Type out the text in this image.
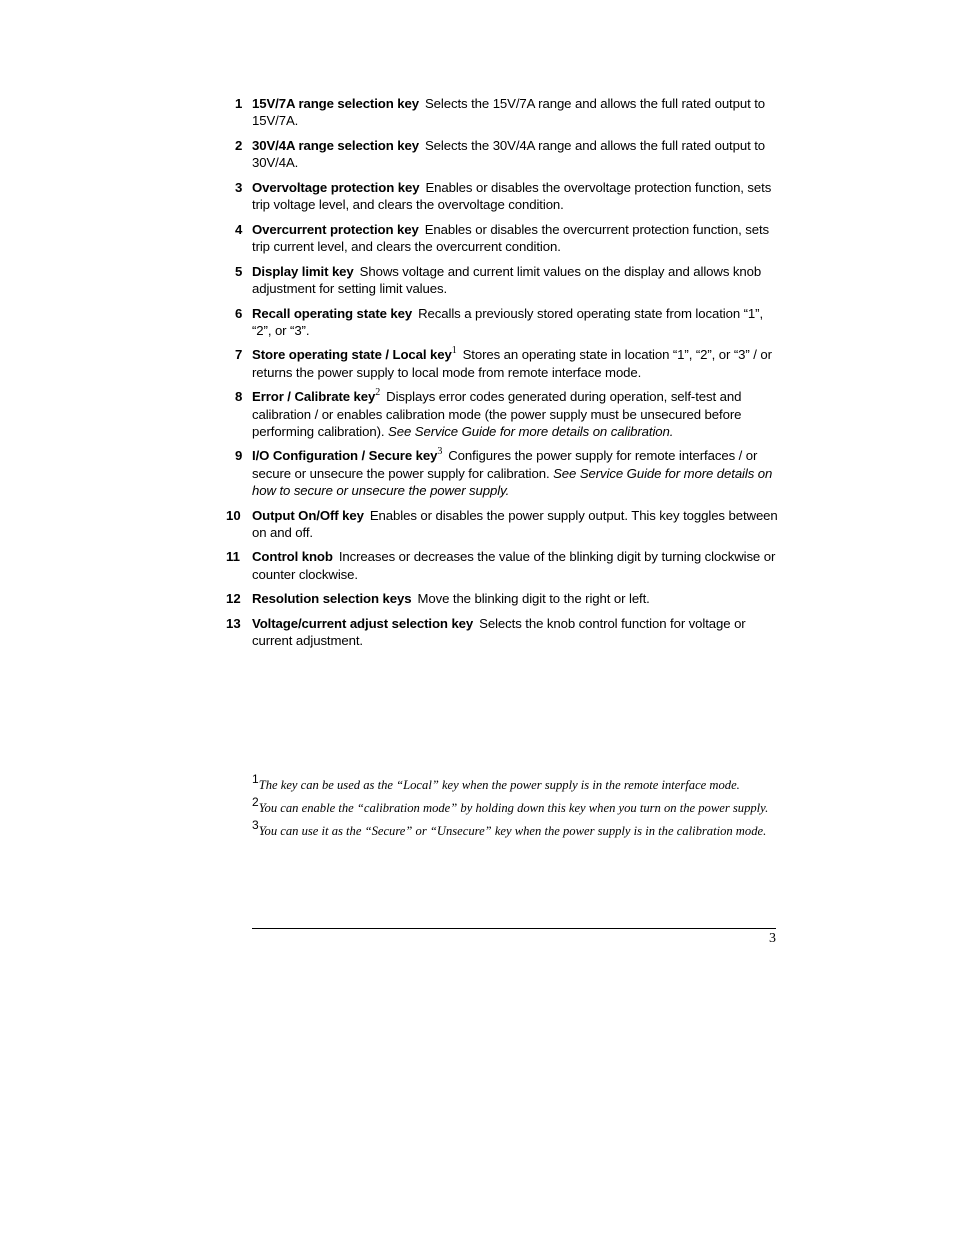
1 15V/7A range selection key Selects the 15V/7A range and allows the full rated output to 15V/7A.
2 30V/4A range selection key Selects the 30V/4A range and allows the full rated output to 30V/4A.
3 Overvoltage protection key Enables or disables the overvoltage protection function, sets trip voltage level, and clears the overvoltage condition.
4 Overcurrent protection key Enables or disables the overcurrent protection function, sets trip current level, and clears the overcurrent condition.
5 Display limit key Shows voltage and current limit values on the display and allows knob adjustment for setting limit values.
6 Recall operating state key Recalls a previously stored operating state from location “1”, “2”, or “3”.
7 Store operating state / Local key$^1$ Stores an operating state in location “1”, “2”, or “3” / or returns the power supply to local mode from remote interface mode.
8 Error / Calibrate key$^2$ Displays error codes generated during operation, self-test and calibration / or enables calibration mode (the power supply must be unsecured before performing calibration). See Service Guide for more details on calibration.
9 I/O Configuration / Secure key$^3$ Configures the power supply for remote interfaces / or secure or unsecure the power supply for calibration. See Service Guide for more details on how to secure or unsecure the power supply.
10 Output On/Off key Enables or disables the power supply output. This key toggles between on and off.
11 Control knob Increases or decreases the value of the blinking digit by turning clockwise or counter clockwise.
12 Resolution selection keys Move the blinking digit to the right or left.
13 Voltage/current adjust selection key Selects the knob control function for voltage or current adjustment.
1The key can be used as the “Local” key when the power supply is in the remote interface mode.
2You can enable the “calibration mode” by holding down this key when you turn on the power supply.
3You can use it as the “Secure” or “Unsecure” key when the power supply is in the calibration mode.
3
